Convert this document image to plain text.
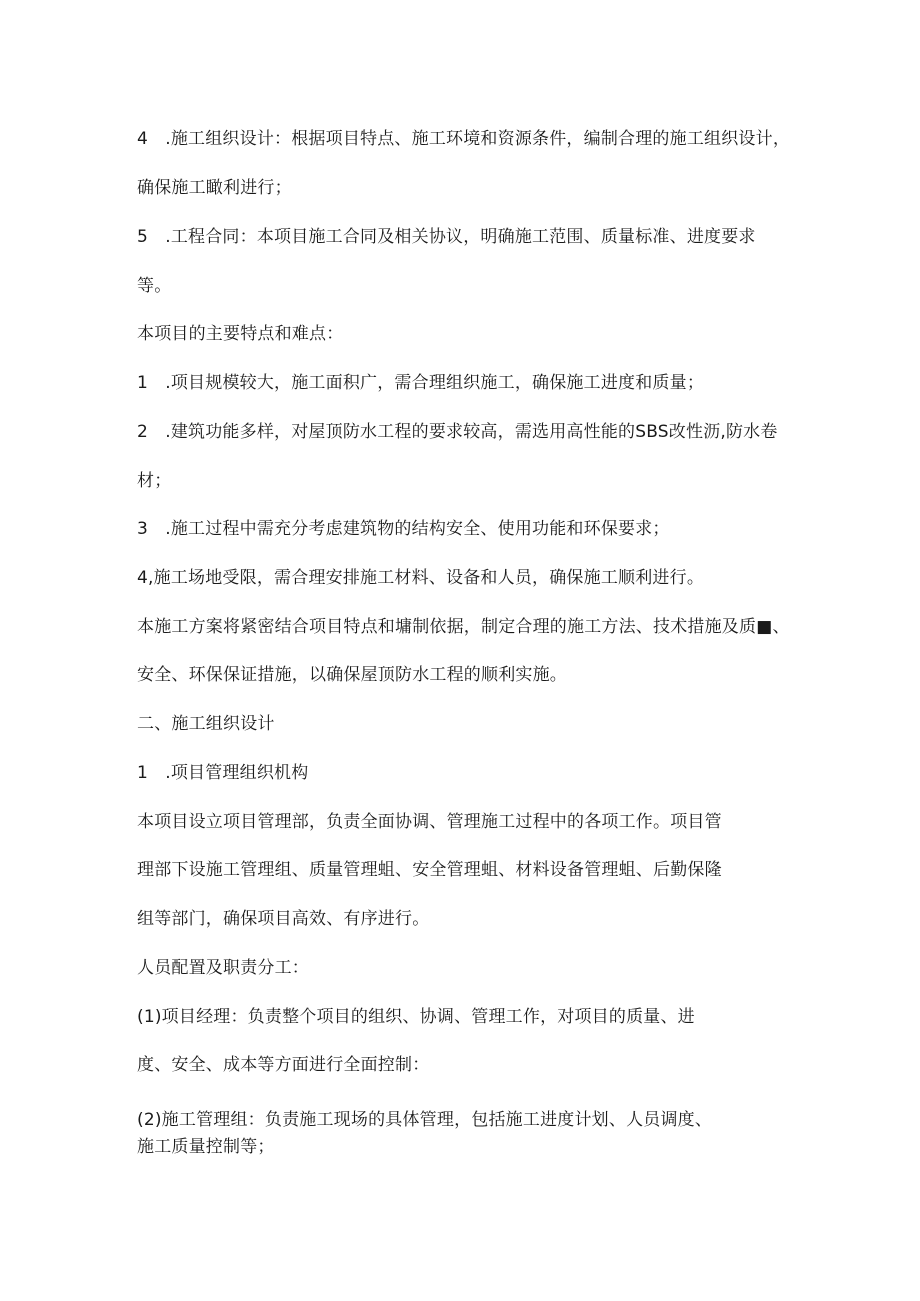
4　.施工组织设计：根据项目特点、施工环境和资源条件，编制合理的施工组织设计，
确保施工瞰利进行；
5　.工程合同：本项目施工合同及相关协议，明确施工范围、质量标准、进度要求
等。
本项目的主要特点和难点：
1　.项目规模较大，施工面积广，需合理组织施工，确保施工进度和质量；
2　.建筑功能多样，对屋顶防水工程的要求较高，需选用高性能的SBS改性沥,防水卷
材；
3　.施工过程中需充分考虑建筑物的结构安全、使用功能和环保要求；
4,施工场地受限，需合理安排施工材料、设备和人员，确保施工顺利进行。
本施工方案将紧密结合项目特点和墉制依据，制定合理的施工方法、技术措施及质■、
安全、环保保证措施，以确保屋顶防水工程的顺利实施。
二、施工组织设计
1　.项目管理组织机构
本项目设立项目管理部，负责全面协调、管理施工过程中的各项工作。项目管
理部下设施工管理组、质量管理蛆、安全管理蛆、材料设备管理蛆、后勤保隆
组等部门，确保项目高效、有序进行。
人员配置及职责分工：
(1)项目经理：负责整个项目的组织、协调、管理工作，对项目的质量、进
度、安全、成本等方面进行全面控制：
(2)施工管理组：负责施工现场的具体管理，包括施工进度计划、人员调度、
施工质量控制等；
